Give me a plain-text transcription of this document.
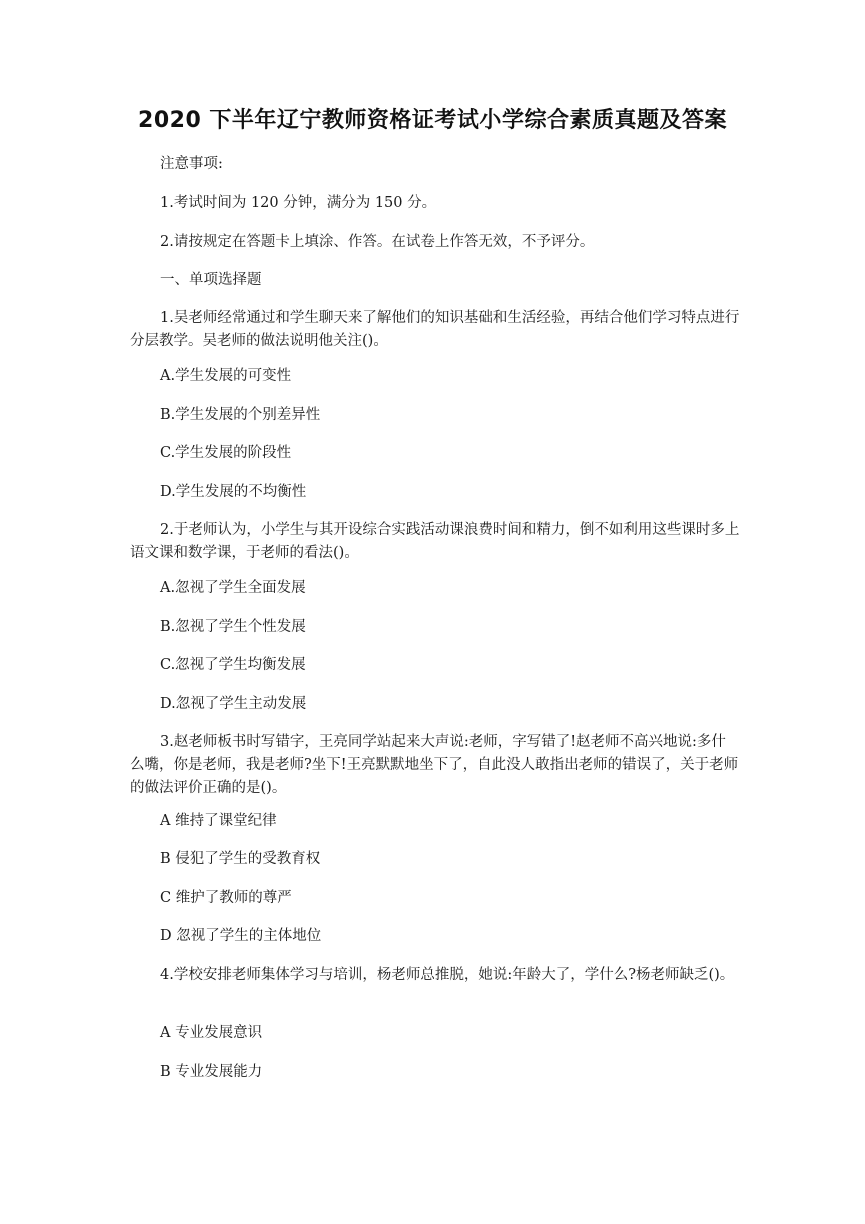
2020 下半年辽宁教师资格证考试小学综合素质真题及答案
注意事项:
1.考试时间为 120 分钟，满分为 150 分。
2.请按规定在答题卡上填涂、作答。在试卷上作答无效，不予评分。
一、单项选择题
1.吴老师经常通过和学生聊天来了解他们的知识基础和生活经验，再结合他们学习特点进行分层教学。吴老师的做法说明他关注()。
A.学生发展的可变性
B.学生发展的个别差异性
C.学生发展的阶段性
D.学生发展的不均衡性
2.于老师认为，小学生与其开设综合实践活动课浪费时间和精力，倒不如利用这些课时多上语文课和数学课，于老师的看法()。
A.忽视了学生全面发展
B.忽视了学生个性发展
C.忽视了学生均衡发展
D.忽视了学生主动发展
3.赵老师板书时写错字，王亮同学站起来大声说:老师，字写错了!赵老师不高兴地说:多什么嘴，你是老师，我是老师?坐下!王亮默默地坐下了，自此没人敢指出老师的错误了，关于老师的做法评价正确的是()。
A 维持了课堂纪律
B 侵犯了学生的受教育权
C 维护了教师的尊严
D 忽视了学生的主体地位
4.学校安排老师集体学习与培训，杨老师总推脱，她说:年龄大了，学什么?杨老师缺乏()。
A 专业发展意识
B 专业发展能力
